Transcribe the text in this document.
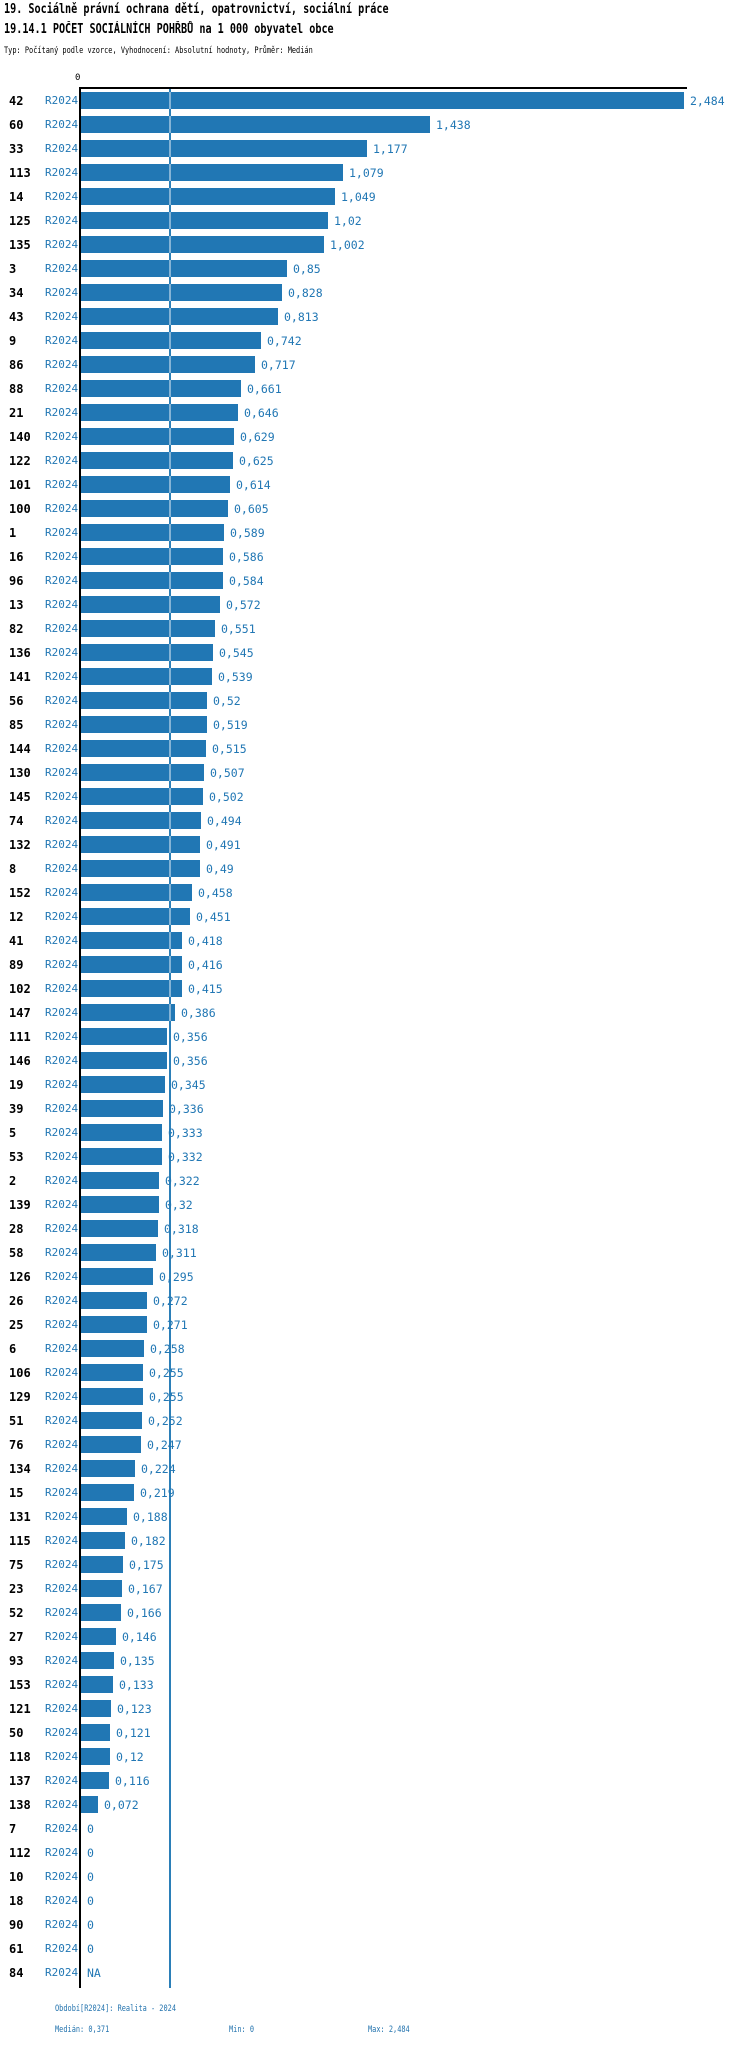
19. Sociálně právní ochrana dětí, opatrovnictví, sociální práce
19.14.1 POČET SOCIÁLNÍCH POHŘBŮ na 1 000 obyvatel obce
Typ: Počítaný podle vzorce, Vyhodnocení: Absolutní hodnoty, Průměr: Medián
0
42 R2024	2,484
60 R2024	1,438
33 R2024	1,177
113 R2024	1,079
14 R2024	1,049
125 R2024	1,02
135 R2024	1,002
3	R2024	0,85
34 R2024	0,828
43 R2024	0,813
9	R2024	0,742
86 R2024	0,717
88 R2024	0,661
21 R2024	0,646
140 R2024	0,629
122 R2024	0,625
101 R2024	0,614
100 R2024	0,605
1	R2024	0,589
16 R2024	0,586
96 R2024	0,584
13 R2024	0,572
82 R2024	0,551
136 R2024	0,545
141 R2024	0,539
56 R2024	0,52
85 R2024	0,519
144 R2024	0,515
130 R2024	0,507
145 R2024	0,502
74 R2024	0,494
132 R2024	0,491
8	R2024	0,49
152 R2024	0,458
12 R2024	0,451
41 R2024	0,418
89 R2024	0,416
102 R2024	0,415
147 R2024	0,386
111 R2024	0,356
146 R2024	0,356
19 R2024	0,345
39 R2024	0,336
5	R2024	0,333
53 R2024	0,332
2	R2024	0,322
139 R2024	0,32
28 R2024	0,318
58 R2024	0,311
126 R2024	0,295
26 R2024	0,272
25 R2024	0,271
6	R2024	0,258
106 R2024	0,255
129 R2024	0,255
51 R2024	0,252
76 R2024	0,247
134 R2024	0,224
15 R2024	0,219
131 R2024	0,188
115 R2024	0,182
75 R2024	0,175
23 R2024	0,167
52 R2024	0,166
27 R2024	0,146
93 R2024	0,135
153 R2024	0,133
121 R2024	0,123
50 R2024	0,121
118 R2024	0,12
137 R2024	0,116
138 R2024 0,072
7	R2024 0
112 R2024 0
10 R2024 0
18 R2024 0
90 R2024 0
61 R2024 0
84 R2024 NA
Období[R2024]: Realita - 2024
Medián: 0,371	Min: 0	Max: 2,484
